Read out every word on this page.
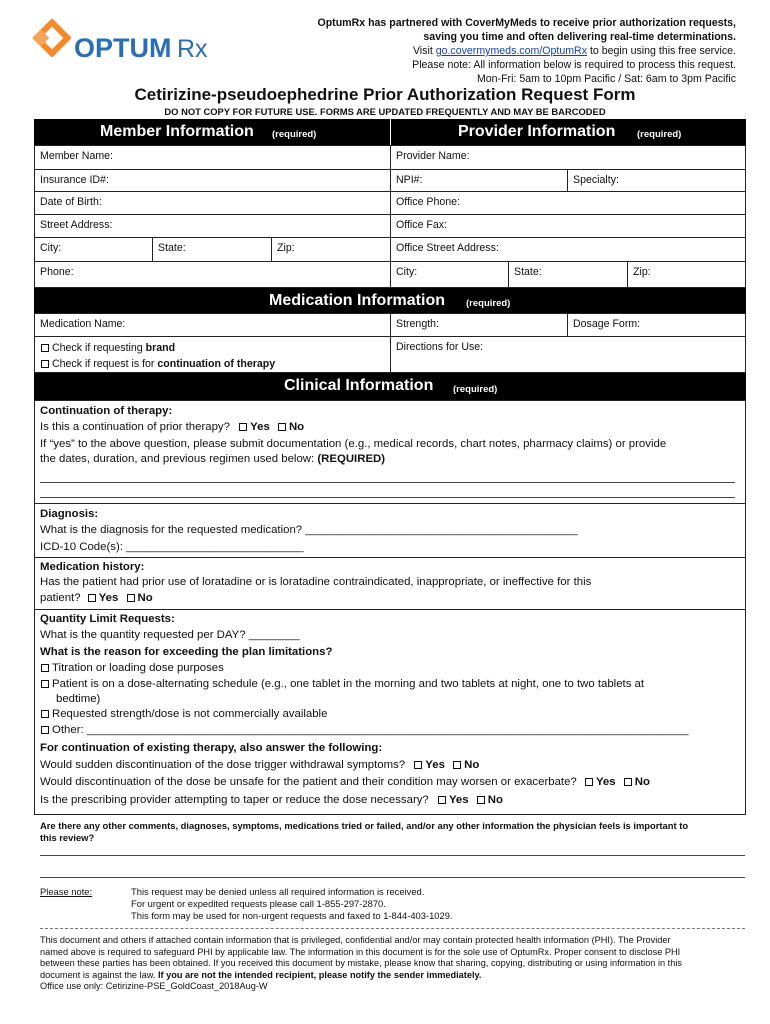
OPTUM Rx
OptumRx has partnered with CoverMyMeds to receive prior authorization requests,
saving you time and often delivering real-time determinations.
Visit go.covermymeds.com/OptumRx to begin using this free service.
Please note: All information below is required to process this request.
Mon-Fri: 5am to 10pm Pacific / Sat: 6am to 3pm Pacific
Cetirizine-pseudoephedrine Prior Authorization Request Form
DO NOT COPY FOR FUTURE USE. FORMS ARE UPDATED FREQUENTLY AND MAY BE BARCODED
Member Information (required)	Provider Information (required)
Member Name:
Insurance ID#:
Date of Birth:
Street Address:
City:	State:	Zip:
Phone:
Provider Name:
NPI#:	Specialty:
Office Phone:
Office Fax:
Office Street Address:
City:	State:	Zip:
Medication Information (required)
Medication Name:	Strength:	Dosage Form:
Check if requesting brand
Check if request is for continuation of therapy
Directions for Use:
Clinical Information (required)
Continuation of therapy:
Is this a continuation of prior therapy? Yes No
If “yes” to the above question, please submit documentation (e.g., medical records, chart notes, pharmacy claims) or provide
the dates, duration, and previous regimen used below: (REQUIRED)
Diagnosis:
What is the diagnosis for the requested medication? ___________________________________________
ICD-10 Code(s): ____________________________
Medication history:
Has the patient had prior use of loratadine or is loratadine contraindicated, inappropriate, or ineffective for this
patient? Yes No
Quantity Limit Requests:
What is the quantity requested per DAY? ________
What is the reason for exceeding the plan limitations?
Titration or loading dose purposes
Patient is on a dose-alternating schedule (e.g., one tablet in the morning and two tablets at night, one to two tablets at
bedtime)
Requested strength/dose is not commercially available
Other: _______________________________________________________________________________________________
For continuation of existing therapy, also answer the following:
Would sudden discontinuation of the dose trigger withdrawal symptoms? Yes No
Would discontinuation of the dose be unsafe for the patient and their condition may worsen or exacerbate? Yes No
Is the prescribing provider attempting to taper or reduce the dose necessary? Yes No
Are there any other comments, diagnoses, symptoms, medications tried or failed, and/or any other information the physician feels is important to
this review?
Please note:	This request may be denied unless all required information is received.
For urgent or expedited requests please call 1-855-297-2870.
This form may be used for non-urgent requests and faxed to 1-844-403-1029.
This document and others if attached contain information that is privileged, confidential and/or may contain protected health information (PHI). The Provider
named above is required to safeguard PHI by applicable law. The information in this document is for the sole use of OptumRx. Proper consent to disclose PHI
between these parties has been obtained. If you received this document by mistake, please know that sharing, copying, distributing or using information in this
document is against the law. If you are not the intended recipient, please notify the sender immediately.
Office use only: Cetirizine-PSE_GoldCoast_2018Aug-W
